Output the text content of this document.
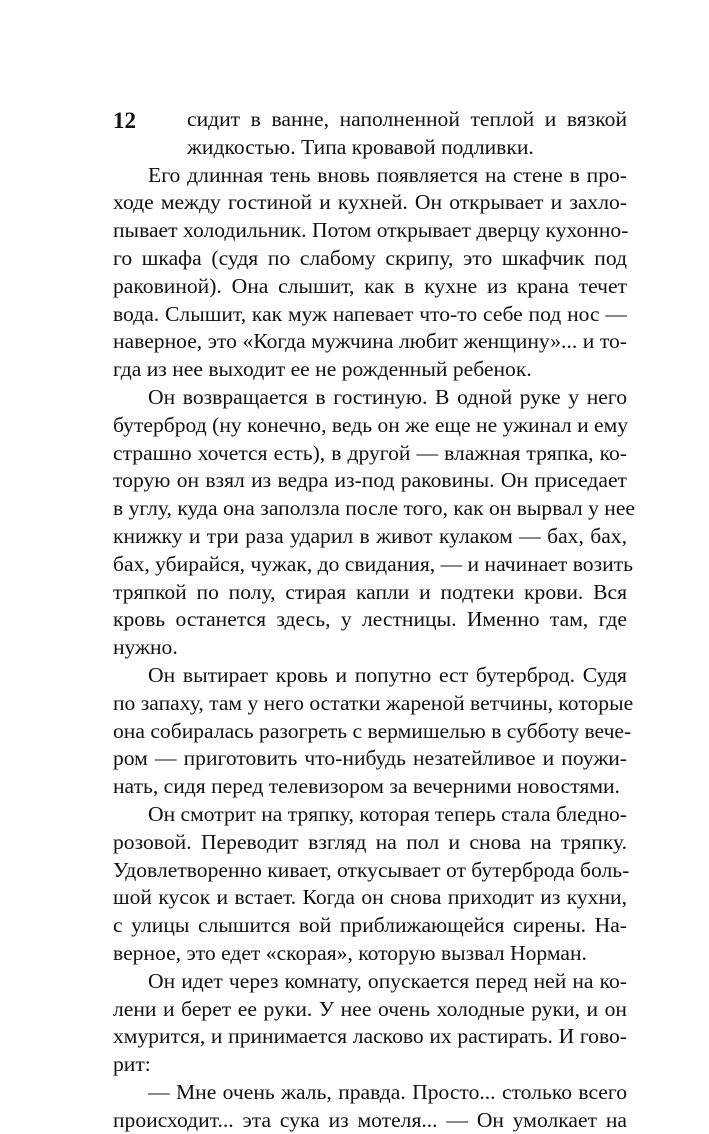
12	сидит в ванне, наполненной теплой и вязкой
жидкостью. Типа кровавой подливки.
Его длинная тень вновь появляется на стене в про-
ходе между гостиной и кухней. Он открывает и захло-
пывает холодильник. Потом открывает дверцу кухонно-
го шкафа (судя по слабому скрипу, это шкафчик под
раковиной). Она слышит, как в кухне из крана течет
вода. Слышит, как муж напевает что-то себе под нос —
наверное, это «Когда мужчина любит женщину»... и то-
гда из нее выходит ее не рожденный ребенок.
Он возвращается в гостиную. В одной руке у него
бутерброд (ну конечно, ведь он же еще не ужинал и ему
страшно хочется есть), в другой — влажная тряпка, ко-
торую он взял из ведра из-под раковины. Он приседает
в углу, куда она заползла после того, как он вырвал у нее
книжку и три раза ударил в живот кулаком — бах, бах,
бах, убирайся, чужак, до свидания, — и начинает возить
тряпкой по полу, стирая капли и подтеки крови. Вся
кровь останется здесь, у лестницы. Именно там, где
нужно.
Он вытирает кровь и попутно ест бутерброд. Судя
по запаху, там у него остатки жареной ветчины, которые
она собиралась разогреть с вермишелью в субботу вече-
ром — приготовить что-нибудь незатейливое и поужи-
нать, сидя перед телевизором за вечерними новостями.
Он смотрит на тряпку, которая теперь стала бледно-
розовой. Переводит взгляд на пол и снова на тряпку.
Удовлетворенно кивает, откусывает от бутерброда боль-
шой кусок и встает. Когда он снова приходит из кухни,
с улицы слышится вой приближающейся сирены. На-
верное, это едет «скорая», которую вызвал Норман.
Он идет через комнату, опускается перед ней на ко-
лени и берет ее руки. У нее очень холодные руки, и он
хмурится, и принимается ласково их растирать. И гово-
рит:
— Мне очень жаль, правда. Просто... столько всего
происходит... эта сука из мотеля... — Он умолкает на
